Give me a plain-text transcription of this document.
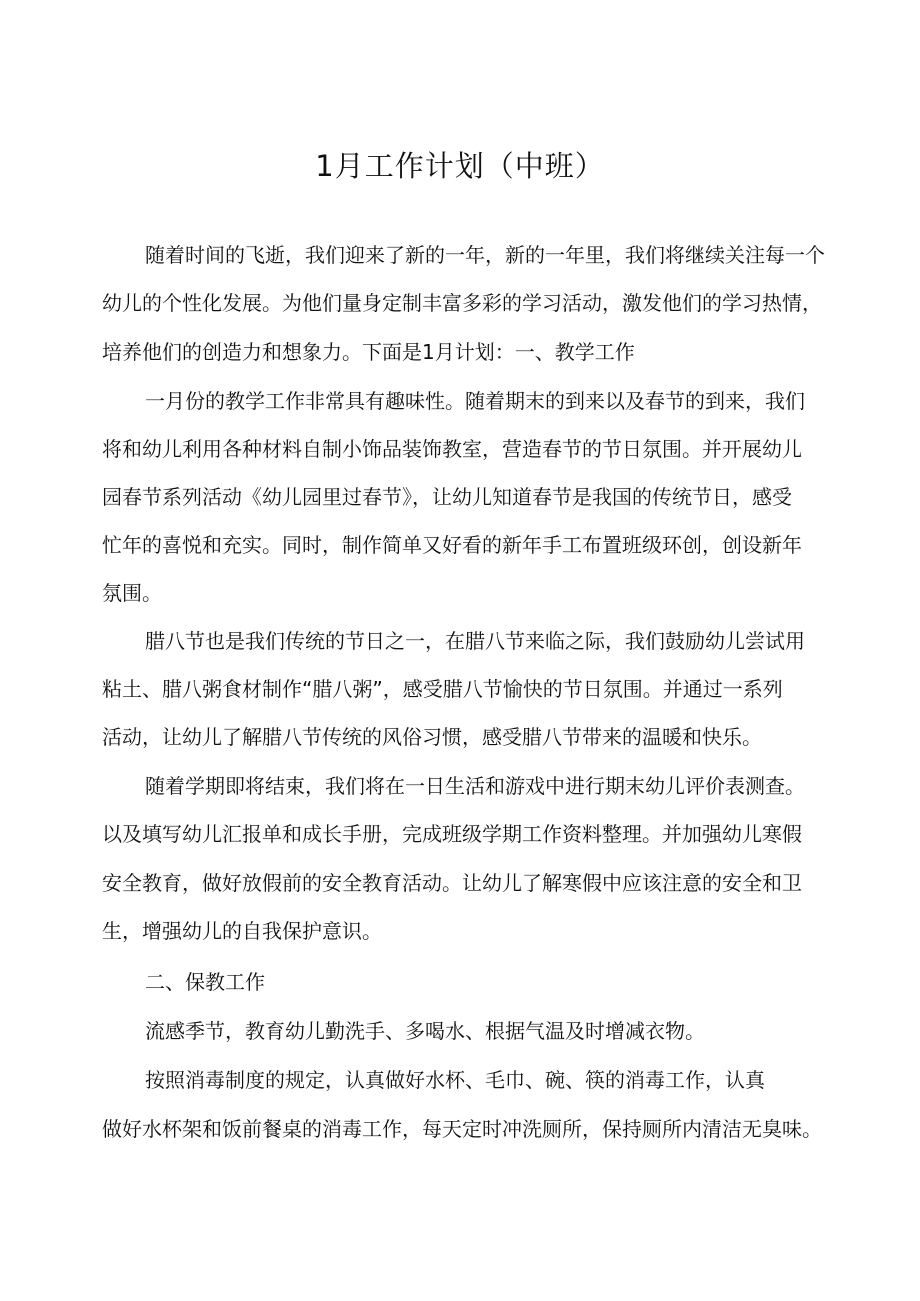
1月工作计划（中班）
随着时间的飞逝，我们迎来了新的一年，新的一年里，我们将继续关注每一个
幼儿的个性化发展。为他们量身定制丰富多彩的学习活动，激发他们的学习热情，
培养他们的创造力和想象力。下面是1月计划：一、教学工作
一月份的教学工作非常具有趣味性。随着期末的到来以及春节的到来，我们
将和幼儿利用各种材料自制小饰品装饰教室，营造春节的节日氛围。并开展幼儿
园春节系列活动《幼儿园里过春节》，让幼儿知道春节是我国的传统节日，感受
忙年的喜悦和充实。同时，制作简单又好看的新年手工布置班级环创，创设新年
氛围。
腊八节也是我们传统的节日之一，在腊八节来临之际，我们鼓励幼儿尝试用
粘土、腊八粥食材制作“腊八粥”，感受腊八节愉快的节日氛围。并通过一系列
活动，让幼儿了解腊八节传统的风俗习惯，感受腊八节带来的温暖和快乐。
随着学期即将结束，我们将在一日生活和游戏中进行期末幼儿评价表测查。
以及填写幼儿汇报单和成长手册，完成班级学期工作资料整理。并加强幼儿寒假
安全教育，做好放假前的安全教育活动。让幼儿了解寒假中应该注意的安全和卫
生，增强幼儿的自我保护意识。
二、保教工作
流感季节，教育幼儿勤洗手、多喝水、根据气温及时增减衣物。
按照消毒制度的规定，认真做好水杯、毛巾、碗、筷的消毒工作，认真
做好水杯架和饭前餐桌的消毒工作，每天定时冲洗厕所，保持厕所内清洁无臭味。
